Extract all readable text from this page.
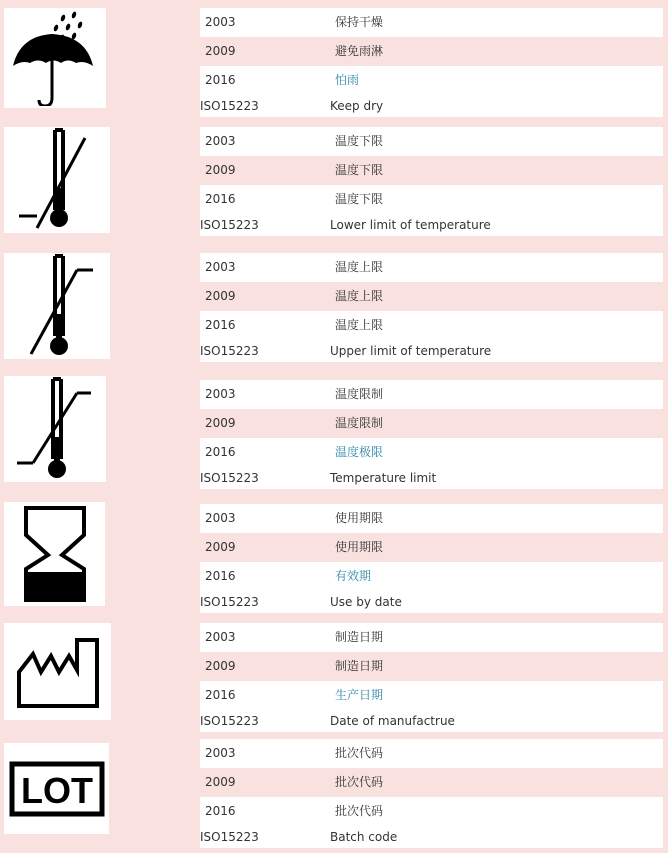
2003	保持干燥
2009	避免雨淋
2016	怕雨
ISO15223	Keep dry
2003	温度下限
2009	温度下限
2016	温度下限
ISO15223	Lower limit of temperature
2003	温度上限
2009	温度上限
2016	温度上限
ISO15223	Upper limit of temperature
2003	温度限制
2009	温度限制
2016	温度极限
ISO15223	Temperature limit
2003	使用期限
2009	使用期限
2016	有效期
ISO15223	Use by date
2003	制造日期
2009	制造日期
2016	生产日期
ISO15223	Date of manufactrue
LOT
2003	批次代码
2009	批次代码
2016	批次代码
ISO15223	Batch code
